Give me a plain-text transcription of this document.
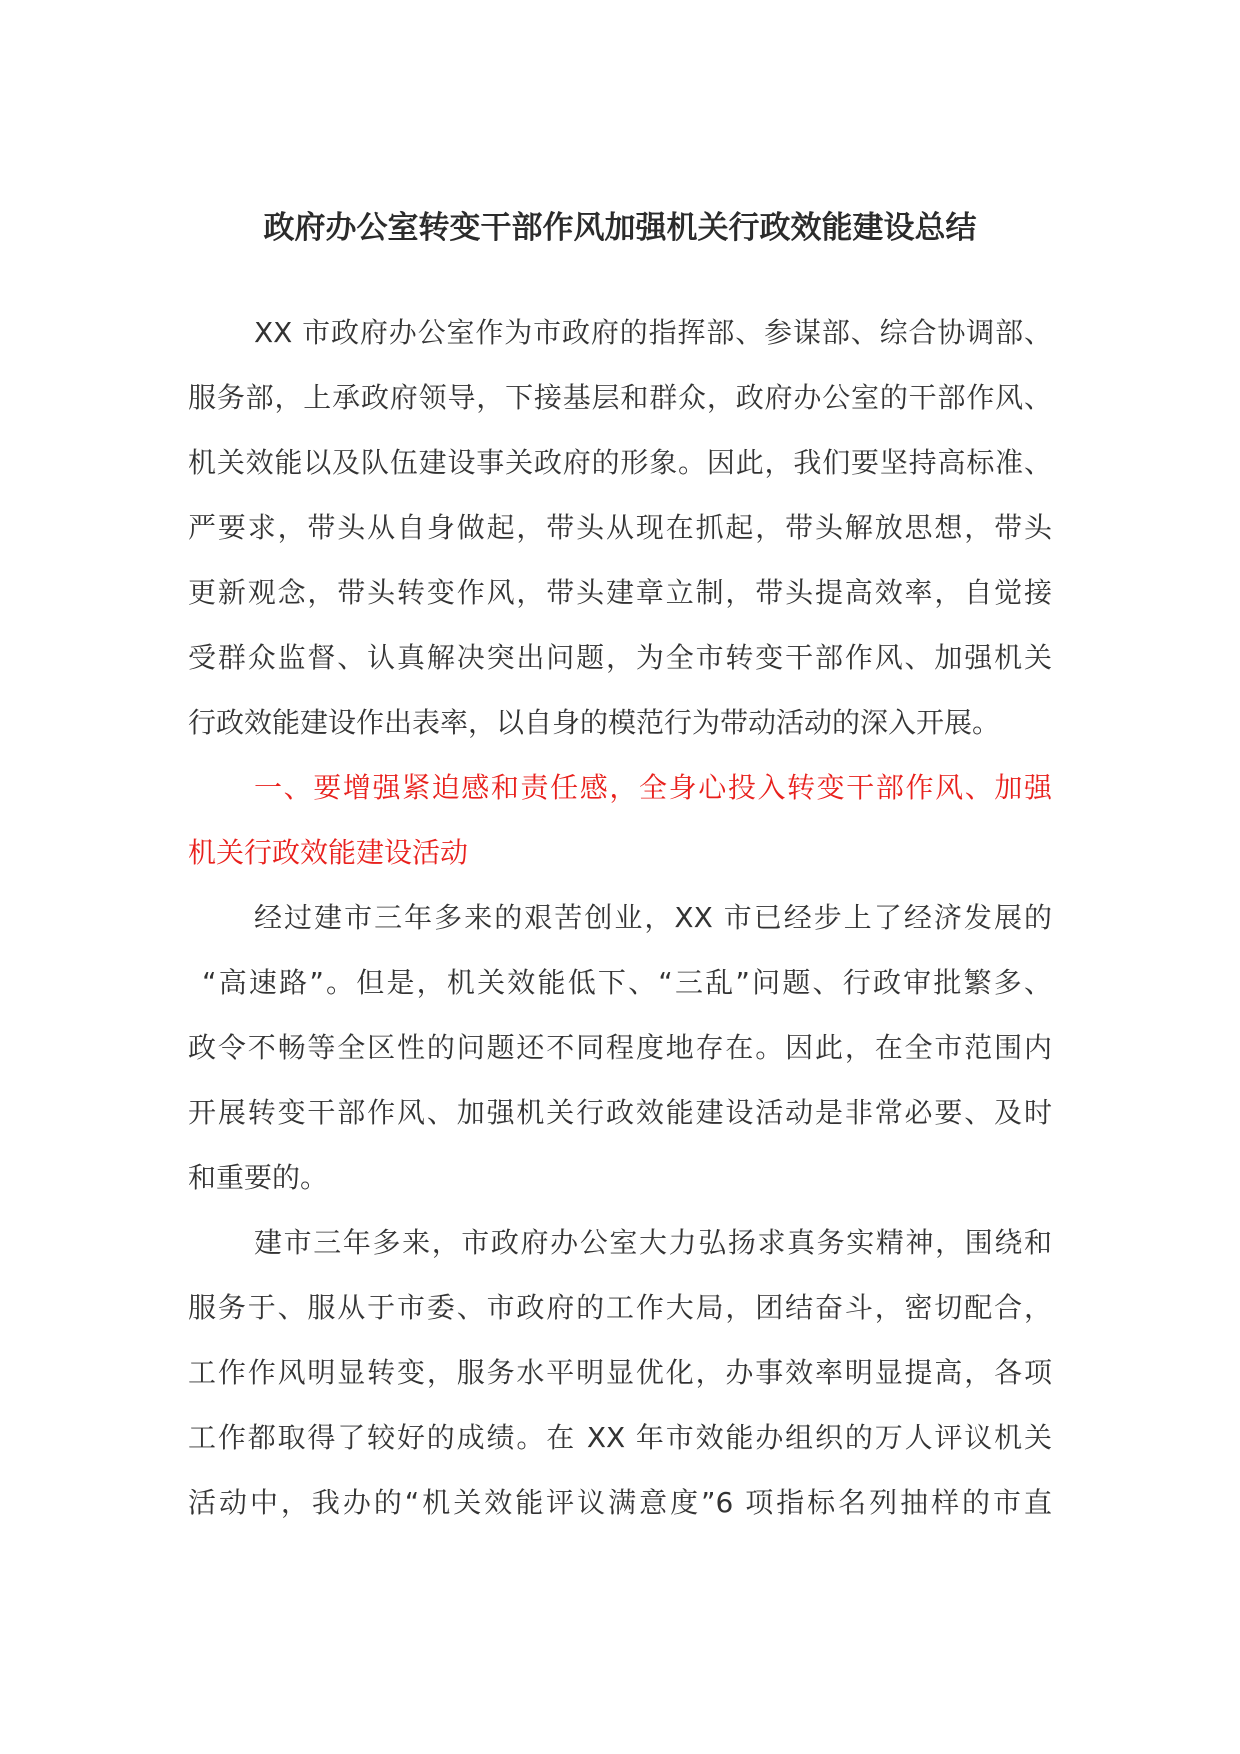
政府办公室转变干部作风加强机关行政效能建设总结
XX 市政府办公室作为市政府的指挥部、参谋部、综合协调部、
服务部，上承政府领导，下接基层和群众，政府办公室的干部作风、
机关效能以及队伍建设事关政府的形象。因此，我们要坚持高标准、
严要求，带头从自身做起，带头从现在抓起，带头解放思想，带头
更新观念，带头转变作风，带头建章立制，带头提高效率，自觉接
受群众监督、认真解决突出问题，为全市转变干部作风、加强机关
行政效能建设作出表率，以自身的模范行为带动活动的深入开展。
一、要增强紧迫感和责任感，全身心投入转变干部作风、加强
机关行政效能建设活动
经过建市三年多来的艰苦创业，XX 市已经步上了经济发展的
“高速路”。但是，机关效能低下、“三乱”问题、行政审批繁多、
政令不畅等全区性的问题还不同程度地存在。因此，在全市范围内
开展转变干部作风、加强机关行政效能建设活动是非常必要、及时
和重要的。
建市三年多来，市政府办公室大力弘扬求真务实精神，围绕和
服务于、服从于市委、市政府的工作大局，团结奋斗，密切配合，
工作作风明显转变，服务水平明显优化，办事效率明显提高，各项
工作都取得了较好的成绩。在 XX 年市效能办组织的万人评议机关
活动中，我办的“机关效能评议满意度”6 项指标名列抽样的市直
